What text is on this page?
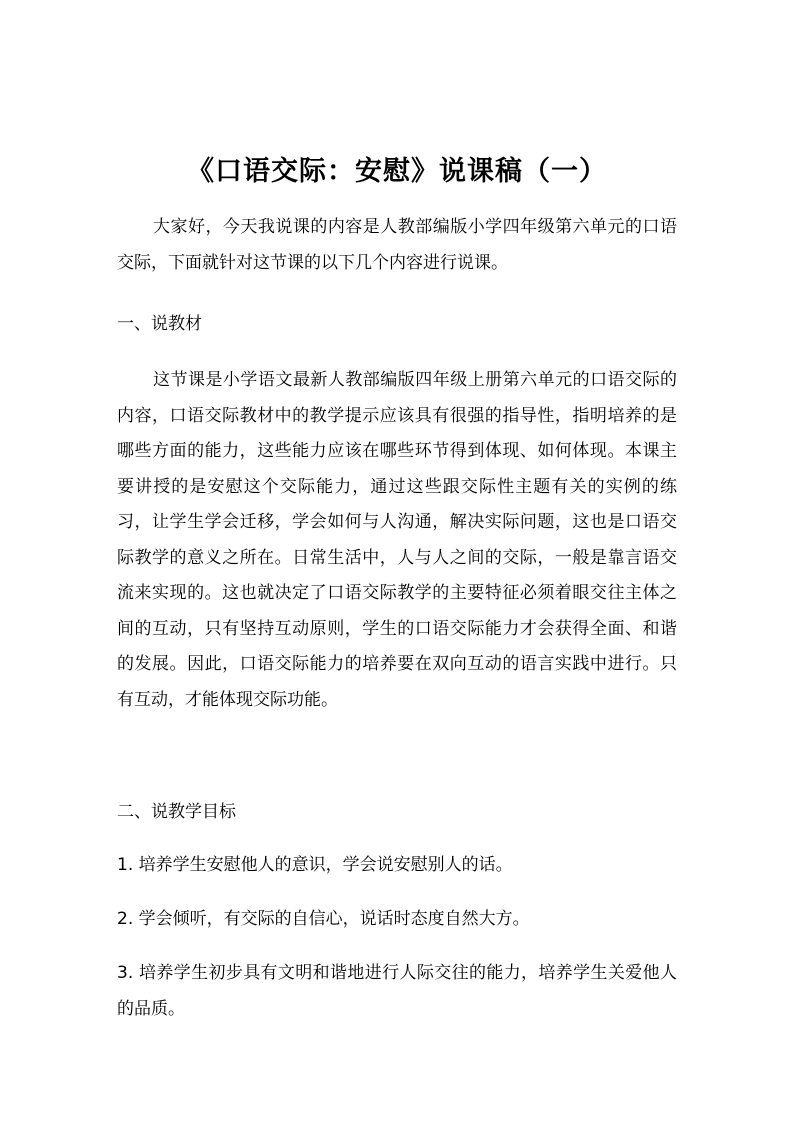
《口语交际：安慰》说课稿（一）
大家好，今天我说课的内容是人教部编版小学四年级第六单元的口语交际，下面就针对这节课的以下几个内容进行说课。
一、说教材
这节课是小学语文最新人教部编版四年级上册第六单元的口语交际的内容，口语交际教材中的教学提示应该具有很强的指导性，指明培养的是哪些方面的能力，这些能力应该在哪些环节得到体现、如何体现。本课主要讲授的是安慰这个交际能力，通过这些跟交际性主题有关的实例的练习，让学生学会迁移，学会如何与人沟通，解决实际问题，这也是口语交际教学的意义之所在。日常生活中，人与人之间的交际，一般是靠言语交流来实现的。这也就决定了口语交际教学的主要特征必须着眼交往主体之间的互动，只有坚持互动原则，学生的口语交际能力才会获得全面、和谐的发展。因此，口语交际能力的培养要在双向互动的语言实践中进行。只有互动，才能体现交际功能。
二、说教学目标
1. 培养学生安慰他人的意识，学会说安慰别人的话。
2. 学会倾听，有交际的自信心，说话时态度自然大方。
3. 培养学生初步具有文明和谐地进行人际交往的能力，培养学生关爱他人的品质。
